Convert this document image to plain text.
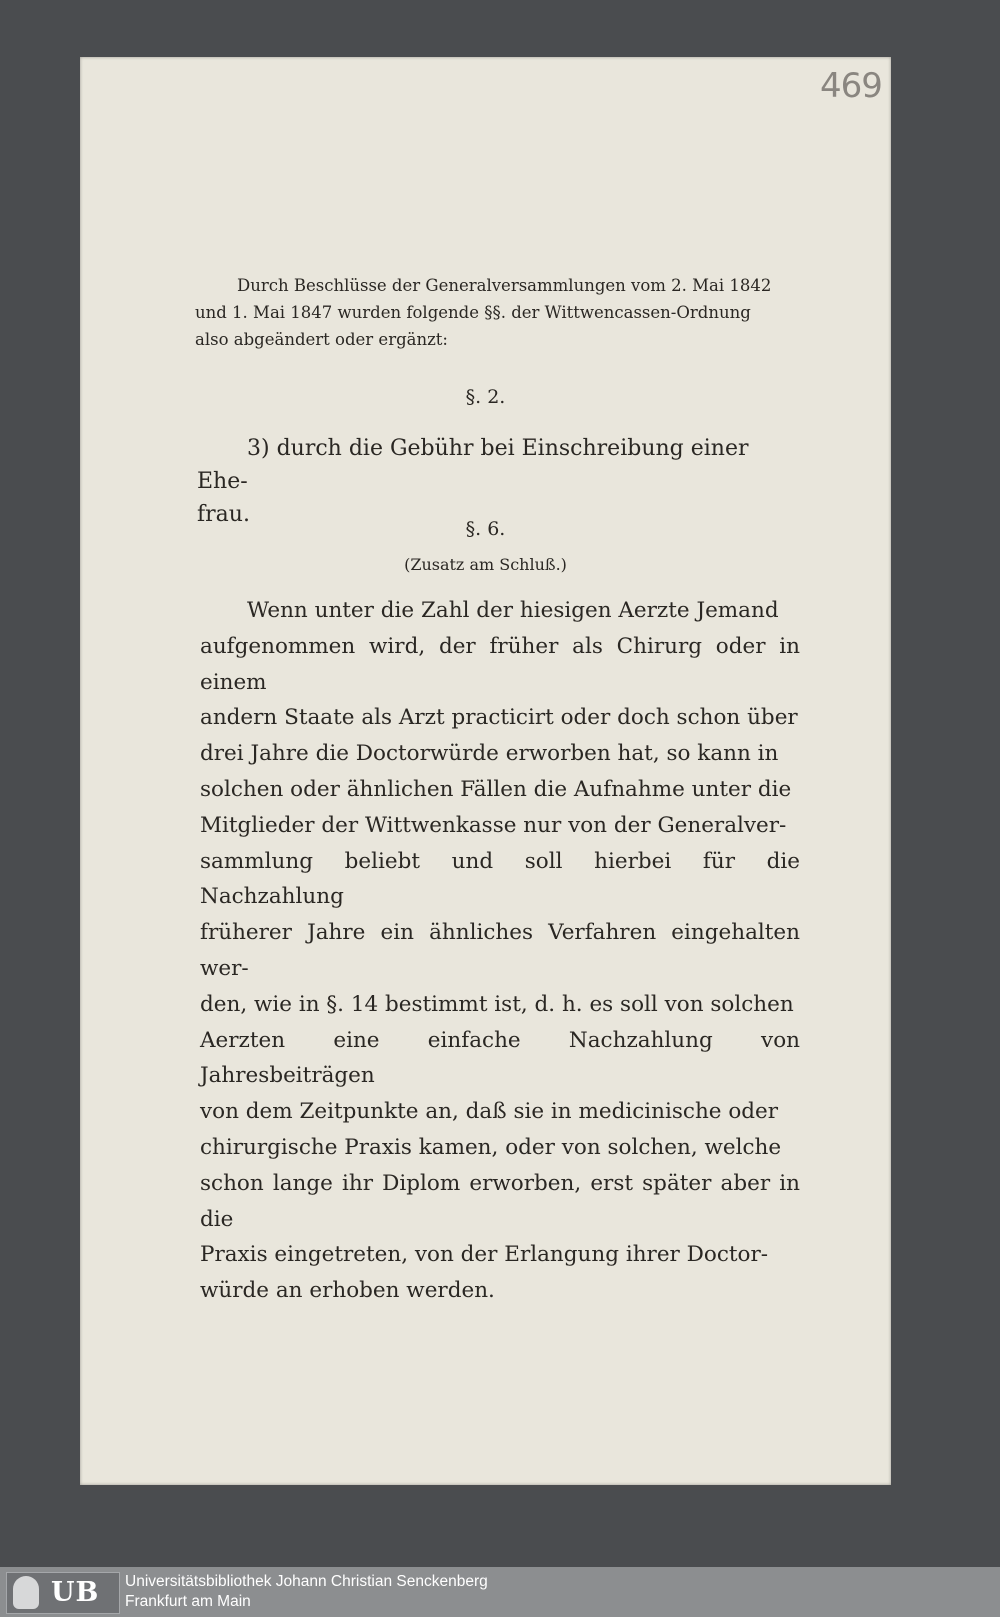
469

Durch Beschlüsse der Generalversammlungen vom 2. Mai 1842

und 1. Mai 1847 wurden folgende §§. der Wittwencassen-Ordnung

also abgeändert oder ergänzt:

§. 2.

3) durch die Gebühr bei Einschreibung einer Ehe-

frau.

§. 6.
(Zusatz am Schluß.)

Wenn unter die Zahl der hiesigen Aerzte Jemand

aufgenommen wird, der früher als Chirurg oder in einem

andern Staate als Arzt practicirt oder doch schon über

drei Jahre die Doctorwürde erworben hat, so kann in

solchen oder ähnlichen Fällen die Aufnahme unter die

Mitglieder der Wittwenkasse nur von der Generalver-

sammlung beliebt und soll hierbei für die Nachzahlung

früherer Jahre ein ähnliches Verfahren eingehalten wer-

den, wie in §. 14 bestimmt ist, d. h. es soll von solchen

Aerzten eine einfache Nachzahlung von Jahresbeiträgen

von dem Zeitpunkte an, daß sie in medicinische oder

chirurgische Praxis kamen, oder von solchen, welche

schon lange ihr Diplom erworben, erst später aber in die

Praxis eingetreten, von der Erlangung ihrer Doctor-

würde an erhoben werden.

UB Universitätsbibliothek Johann Christian Senckenberg
Frankfurt am Main
